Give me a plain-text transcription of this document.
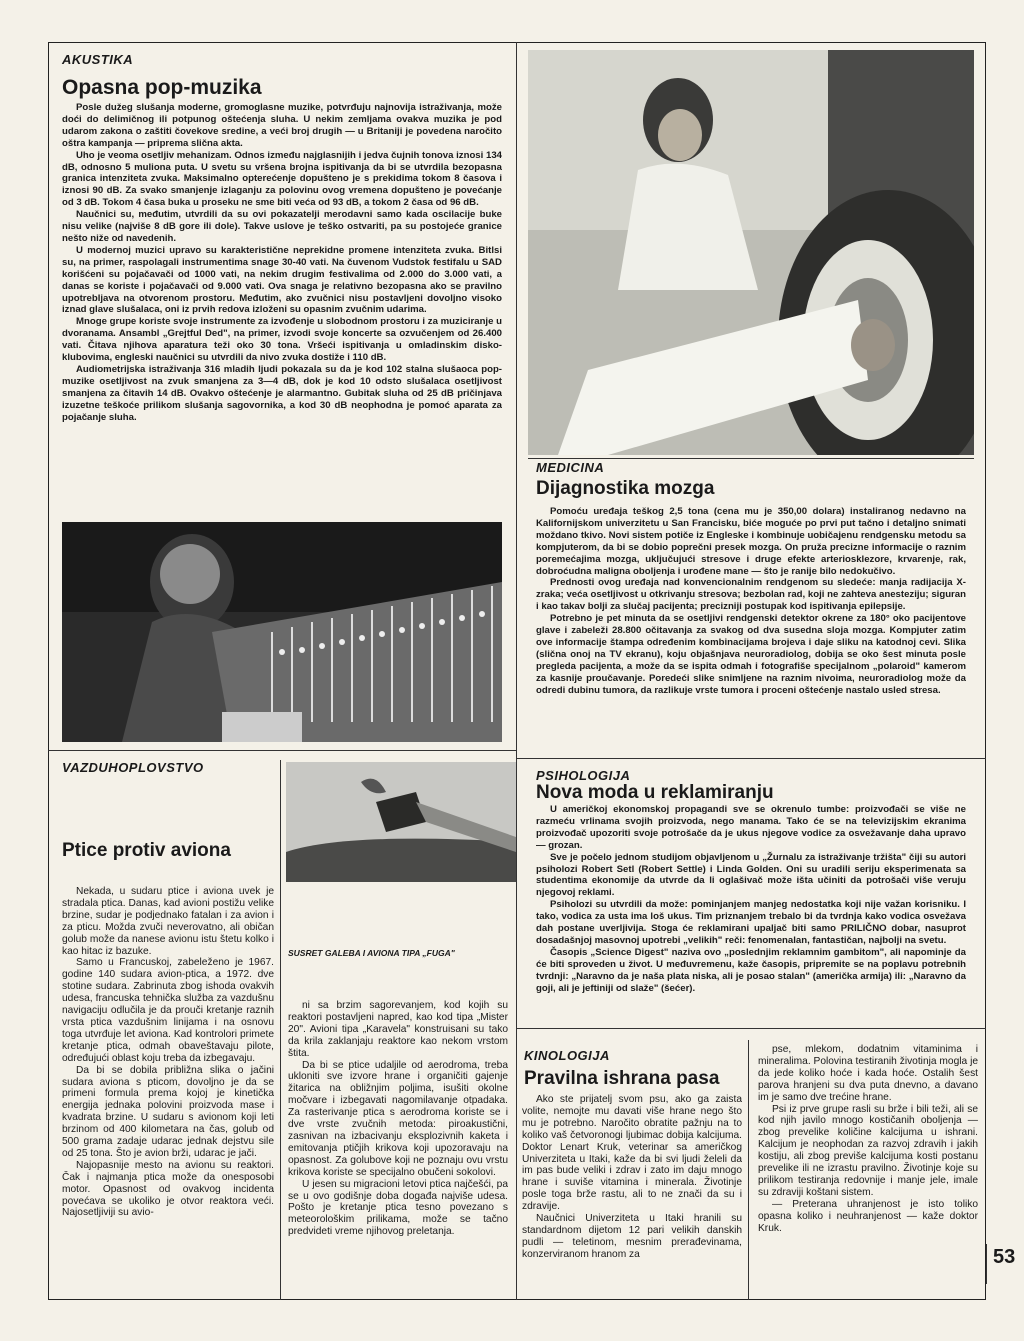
AKUSTIKA
Opasna pop-muzika

Posle dužeg slušanja moderne, gromoglasne muzike, potvrđuju najnovija istraživanja, može doći do delimičnog ili potpunog oštećenja sluha. U nekim zemljama ovakva muzika je pod udarom zakona o zaštiti čovekove sredine, a veći broj drugih — u Britaniji je povedena naročito oštra kampanja — priprema slična akta.

Uho je veoma osetljiv mehanizam. Odnos između najglasnijih i jedva čujnih tonova iznosi 134 dB, odnosno 5 muliona puta. U svetu su vršena brojna ispitivanja da bi se utvrdila bezopasna granica intenziteta zvuka. Maksimalno opterećenje dopušteno je s prekidima tokom 8 časova i iznosi 90 dB. Za svako smanjenje izlaganju za polovinu ovog vremena dopušteno je povećanje od 3 dB. Tokom 4 časa buka u proseku ne sme biti veća od 93 dB, a tokom 2 časa od 96 dB.

Naučnici su, međutim, utvrdili da su ovi pokazatelji merodavni samo kada oscilacije buke nisu velike (najviše 8 dB gore ili dole). Takve uslove je teško ostvariti, pa su postojeće granice nešto niže od navedenih.

U modernoj muzici upravo su karakteristične neprekidne promene intenziteta zvuka. Bitlsi su, na primer, raspolagali instrumentima snage 30-40 vati. Na čuvenom Vudstok festifalu u SAD korišćeni su pojačavači od 1000 vati, na nekim drugim festivalima od 2.000 do 3.000 vati, a danas se koriste i pojačavači od 9.000 vati. Ova snaga je relativno bezopasna ako se pravilno upotrebljava na otvorenom prostoru. Međutim, ako zvučnici nisu postavljeni dovoljno visoko iznad glave slušalaca, oni iz prvih redova izloženi su opasnim zvučnim udarima.

Mnoge grupe koriste svoje instrumente za izvođenje u slobodnom prostoru i za muziciranje u dvoranama. Ansambl „Grejtful Ded", na primer, izvodi svoje koncerte sa ozvučenjem od 26.400 vati. Čitava njihova aparatura teži oko 30 tona. Vršeći ispitivanja u omladinskim disko-klubovima, engleski naučnici su utvrdili da nivo zvuka dostiže i 110 dB.

Audiometrijska istraživanja 316 mladih ljudi pokazala su da je kod 102 stalna slušaoca pop-muzike osetljivost na zvuk smanjena za 3—4 dB, dok je kod 10 odsto slušalaca osetljivost smanjena za čitavih 14 dB. Ovakvo oštećenje je alarmantno. Gubitak sluha od 25 dB pričinjava izuzetne teškoće prilikom slušanja sagovornika, a kod 30 dB neophodna je pomoć aparata za pojačanje sluha.

MEDICINA
Dijagnostika mozga

Pomoću uređaja teškog 2,5 tona (cena mu je 350,00 dolara) instaliranog nedavno na Kalifornijskom univerzitetu u San Francisku, biće moguće po prvi put tačno i detaljno snimati moždano tkivo. Novi sistem potiče iz Engleske i kombinuje uobičajenu rendgensku metodu sa kompjuterom, da bi se dobio poprečni presek mozga. On pruža precizne informacije o raznim poremećajima mozga, uključujući stresove i druge efekte arteriosklezore, krvarenje, rak, dobroćudna maligna oboljenja i urođene mane — što je ranije bilo nedokučivo.

Prednosti ovog uređaja nad konvencionalnim rendgenom su sledeće: manja radijacija X-zraka; veća osetljivost u otkrivanju stresova; bezbolan rad, koji ne zahteva anesteziju; siguran i kao takav bolji za slučaj pacijenta; precizniji postupak kod ispitivanja epilepsije.

Potrebno je pet minuta da se osetljivi rendgenski detektor okrene za 180° oko pacijentove glave i zabeleži 28.800 očitavanja za svakog od dva susedna sloja mozga. Kompjuter zatim ove informacije štampa određenim kombinacijama brojeva i daje sliku na katodnoj cevi. Slika (slična onoj na TV ekranu), koju objašnjava neuroradiolog, dobija se oko šest minuta posle pregleda pacijenta, a može da se ispita odmah i fotografiše specijalnom „polaroid" kamerom za kasnije proučavanje. Poredeći slike snimljene na raznim nivoima, neuroradiolog može da odredi dubinu tumora, da razlikuje vrste tumora i proceni oštećenje nastalo usled stresa.

VAZDUHOPLOVSTVO
Ptice protiv aviona
SUSRET GALEBA I AVIONA TIPA „FUGA"

Nekada, u sudaru ptice i aviona uvek je stradala ptica. Danas, kad avioni postižu velike brzine, sudar je podjednako fatalan i za avion i za pticu. Možda zvuči neverovatno, ali običan golub može da nanese avionu istu štetu kolko i kao hitac iz bazuke.

Samo u Francuskoj, zabeleženo je 1967. godine 140 sudara avion-ptica, a 1972. dve stotine sudara. Zabrinuta zbog ishoda ovakvih udesa, francuska tehnička služba za vazdušnu navigaciju odlučila je da prouči kretanje raznih vrsta ptica vazdušnim linijama i na osnovu toga utvrđuje let aviona. Kad kontrolori primete kretanje ptica, odmah obaveštavaju pilote, određujući oblast koju treba da izbegavaju.

Da bi se dobila približna slika o jačini sudara aviona s pticom, dovoljno je da se primeni formula prema kojoj je kinetička energija jednaka polovini proizvoda mase i kvadrata brzine. U sudaru s avionom koji leti brzinom od 400 kilometara na čas, golub od 500 grama zadaje udarac jednak dejstvu sile od 25 tona. Što je avion brži, udarac je jači.

Najopasnije mesto na avionu su reaktori. Čak i najmanja ptica može da onesposobi motor. Opasnost od ovakvog incidenta povećava se ukoliko je otvor reaktora veći. Najosetljiviji su avio-

ni sa brzim sagorevanjem, kod kojih su reaktori postavljeni napred, kao kod tipa „Mister 20". Avioni tipa „Karavela" konstruisani su tako da krila zaklanjaju reaktore kao nekom vrstom štita.

Da bi se ptice udaljile od aerodroma, treba ukloniti sve izvore hrane i organičiti gajenje žitarica na obližnjim poljima, isušiti okolne močvare i izbegavati nagomilavanje otpadaka. Za rasterivanje ptica s aerodroma koriste se i dve vrste zvučnih metoda: piroakustični, zasnivan na izbacivanju eksplozivnih kaketa i emitovanja ptičjih krikova koji upozoravaju na opasnost. Za golubove koji ne poznaju ovu vrstu krikova koriste se specijalno obučeni sokolovi.

U jesen su migracioni letovi ptica najčešći, pa se u ovo godišnje doba događa najviše udesa. Pošto je kretanje ptica tesno povezano s meteorološkim prilikama, može se tačno predvideti vreme njihovog preletanja.

PSIHOLOGIJA
Nova moda u reklamiranju

U američkoj ekonomskoj propagandi sve se okrenulo tumbe: proizvođači se više ne razmeću vrlinama svojih proizvoda, nego manama. Tako će se na televizijskim ekranima proizvođač upozoriti svoje potrošače da je ukus njegove vodice za osvežavanje daha upravo — grozan.

Sve je počelo jednom studijom objavljenom u „Žurnalu za istraživanje tržišta" čiji su autori psiholozi Robert Setl (Robert Settle) i Linda Golden. Oni su uradili seriju eksperimenata sa studentima ekonomije da utvrde da li oglašivač može išta učiniti da potrošači više veruju njegovoj reklami.

Psiholozi su utvrdili da može: pominjanjem manjeg nedostatka koji nije važan korisniku. I tako, vodica za usta ima loš ukus. Tim priznanjem trebalo bi da tvrdnja kako vodica osvežava dah postane uverljivija. Stoga će reklamirani upaljač biti samo PRILIČNO dobar, nasuprot dosadašnjoj masovnoj upotrebi „velikih" reči: fenomenalan, fantastičan, najbolji na svetu.

Časopis „Science Digest" naziva ovo „poslednjim reklamnim gambitom", ali napominje da će biti sproveden u život. U međuvremenu, kaže časopis, pripremite se na poplavu potrebnih tvrdnji: „Naravno da je naša plata niska, ali je posao stalan" (američka armija) ili: „Naravno da goji, ali je jeftiniji od slaže" (šećer).

KINOLOGIJA
Pravilna ishrana pasa

Ako ste prijatelj svom psu, ako ga zaista volite, nemojte mu davati više hrane nego što mu je potrebno. Naročito obratite pažnju na to koliko vaš četvoronogi ljubimac dobija kalcijuma. Doktor Lenart Kruk, veterinar sa američkog Univerziteta u Itaki, kaže da bi svi ljudi želeli da im pas bude veliki i zdrav i zato im daju mnogo hrane i suviše vitamina i minerala. Životinje posle toga brže rastu, ali to ne znači da su i zdravije.

Naučnici Univerziteta u Itaki hranili su standardnom dijetom 12 pari velikih danskih pudli — teletinom, mesnim prerađevinama, konzerviranom hranom za

pse, mlekom, dodatnim vitaminima i mineralima. Polovina testiranih životinja mogla je da jede koliko hoće i kada hoće. Ostalih šest parova hranjeni su dva puta dnevno, a davano im je samo dve trećine hrane.

Psi iz prve grupe rasli su brže i bili teži, ali se kod njih javilo mnogo kostičanih oboljenja — zbog prevelike količine kalcijuma u ishrani. Kalcijum je neophodan za razvoj zdravih i jakih kostiju, ali zbog previše kalcijuma kosti postanu prevelike ili ne izrastu pravilno. Životinje koje su prilikom testiranja redovnije i manje jele, imale su zdraviji koštani sistem.

— Preterana uhranjenost je isto toliko opasna koliko i neuhranjenost — kaže doktor Kruk.

53
